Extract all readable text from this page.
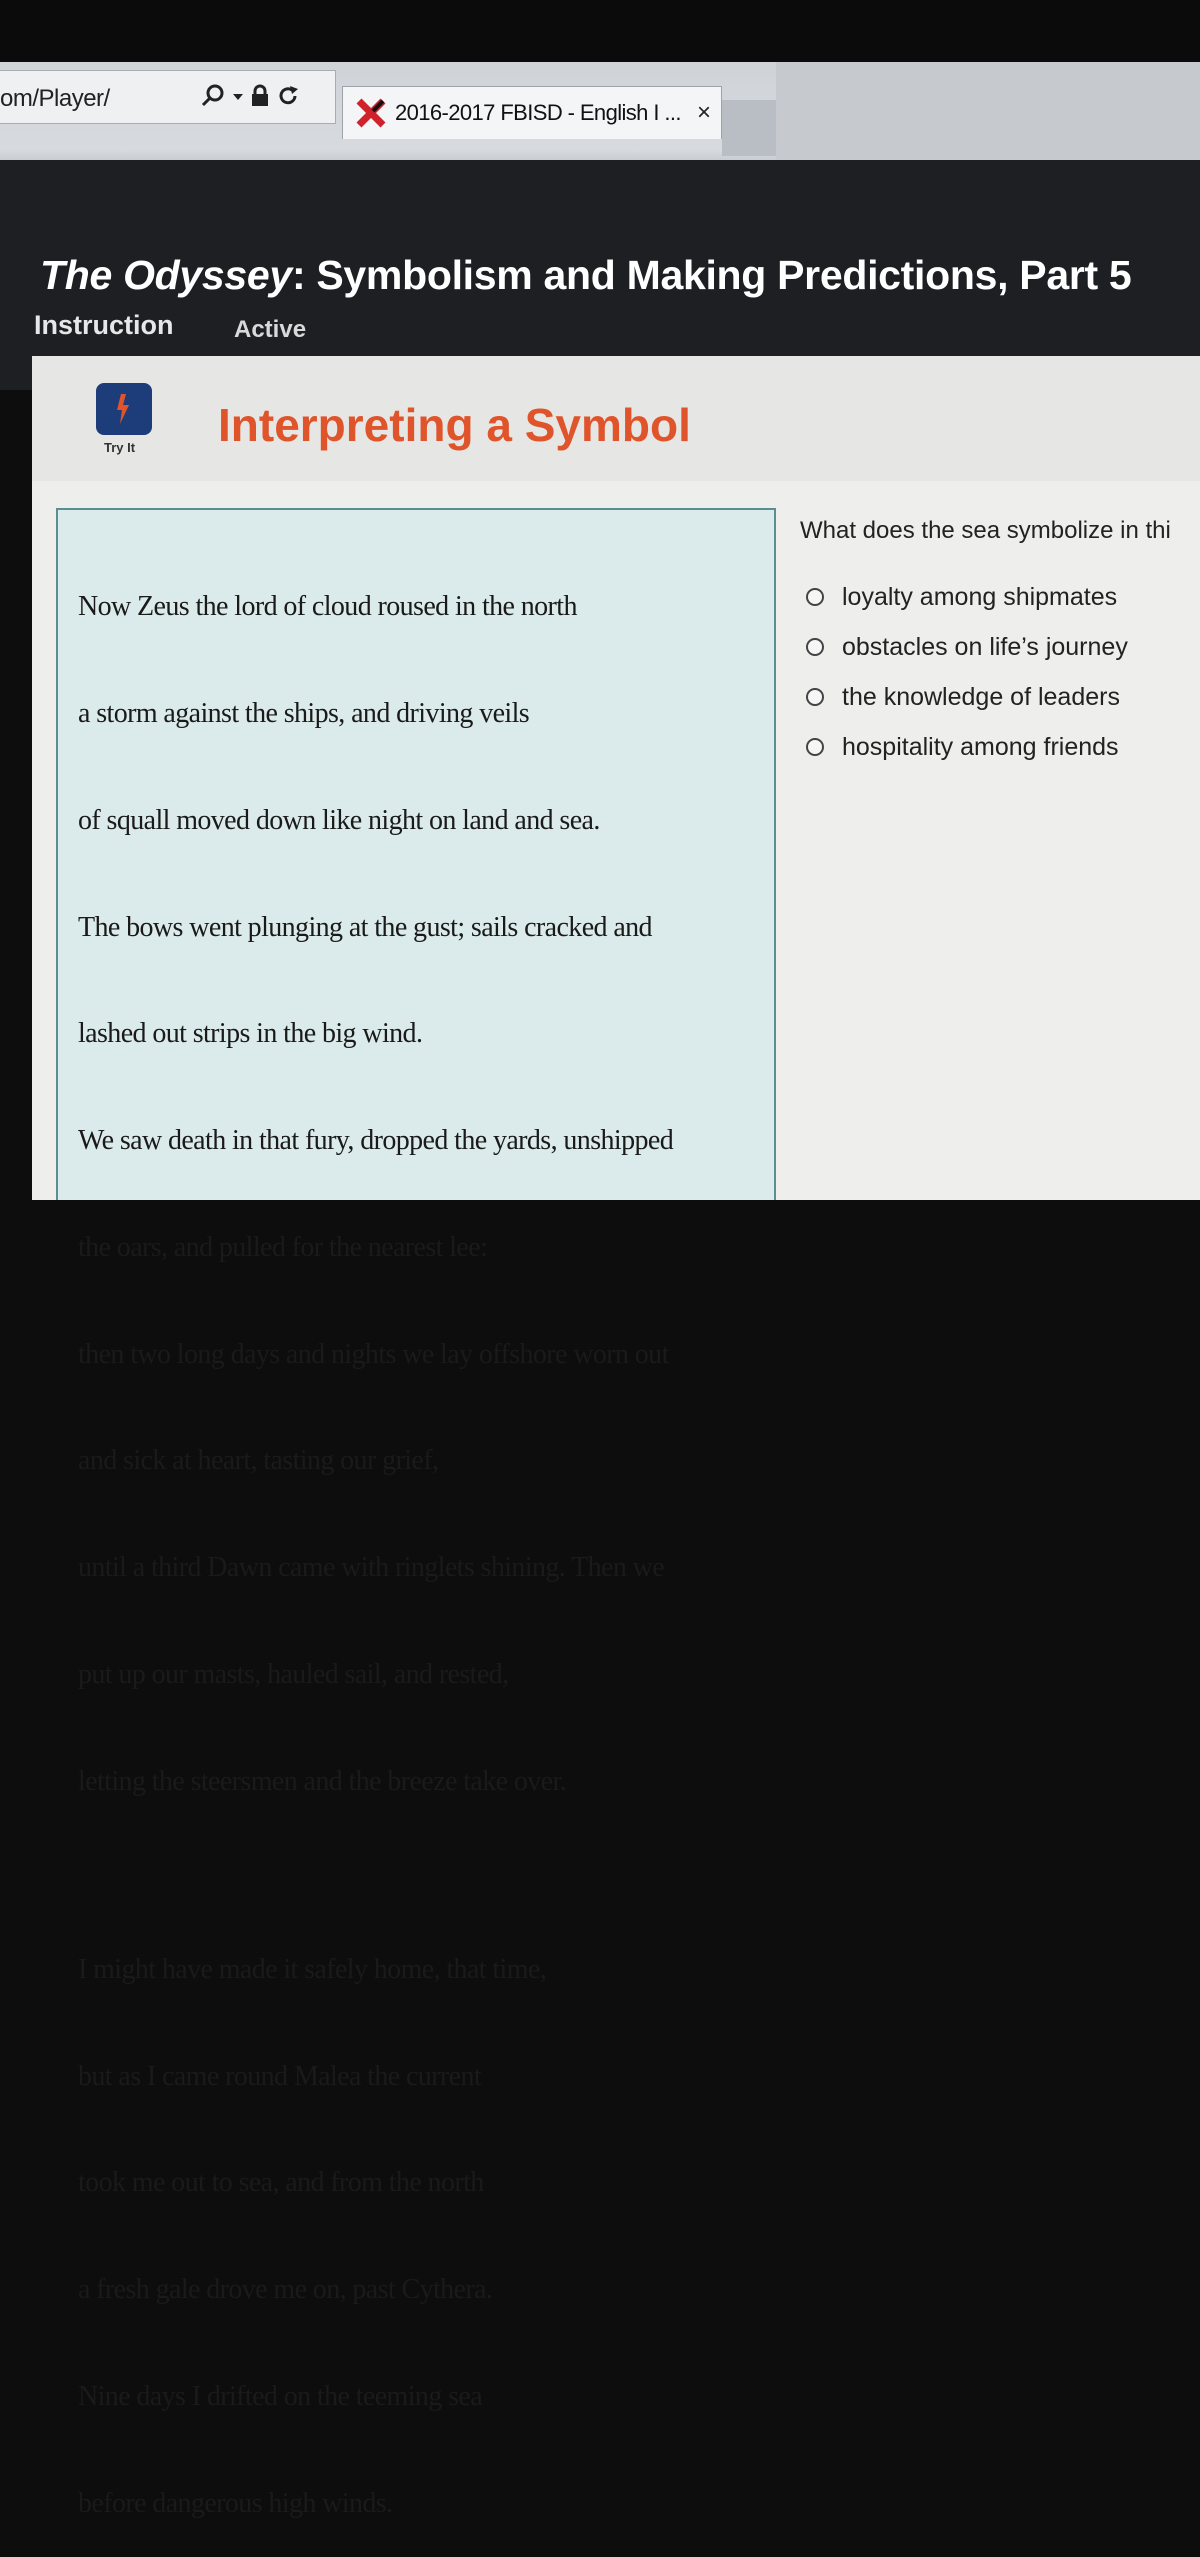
om/Player/
2016-2017 FBISD - English I ... ×
The Odyssey: Symbolism and Making Predictions, Part 5
Instruction	Active
Try It Interpreting a Symbol

Now Zeus the lord of cloud roused in the north

a storm against the ships, and driving veils

of squall moved down like night on land and sea.

The bows went plunging at the gust; sails cracked and

lashed out strips in the big wind.

We saw death in that fury, dropped the yards, unshipped

the oars, and pulled for the nearest lee:

then two long days and nights we lay offshore worn out

and sick at heart, tasting our grief,

until a third Dawn came with ringlets shining. Then we

put up our masts, hauled sail, and rested,

letting the steersmen and the breeze take over.

I might have made it safely home, that time,

but as I came round Malea the current

took me out to sea, and from the north

a fresh gale drove me on, past Cythera.

Nine days I drifted on the teeming sea

before dangerous high winds.

What does the sea symbolize in thi
loyalty among shipmates
obstacles on life’s journey
the knowledge of leaders
hospitality among friends
